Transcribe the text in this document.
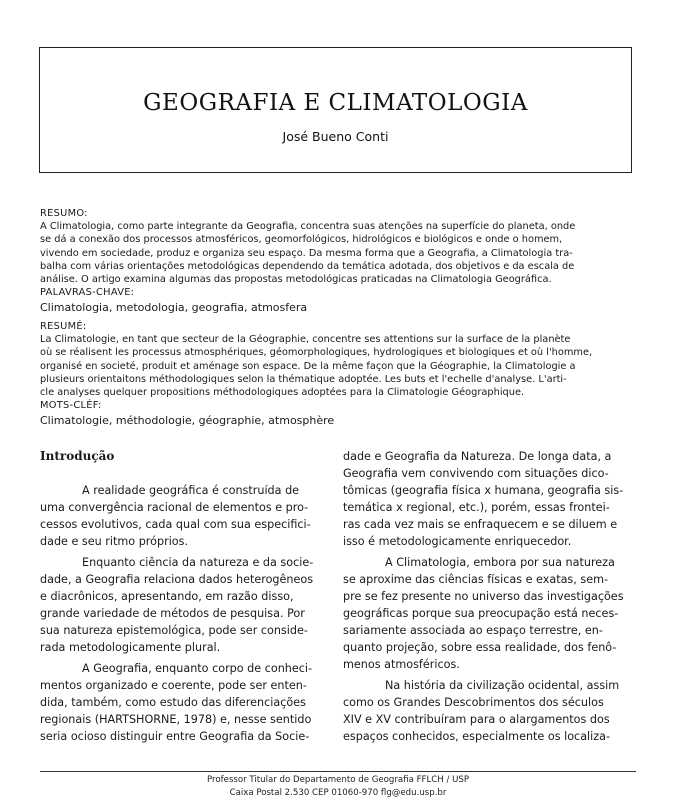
GEOGRAFIA E CLIMATOLOGIA
José Bueno Conti
RESUMO:
A Climatologia, como parte integrante da Geografia, concentra suas atenções na superfície do planeta, onde
se dá a conexão dos processos atmosféricos, geomorfológicos, hidrológicos e biológicos e onde o homem,
vivendo em sociedade, produz e organiza seu espaço. Da mesma forma que a Geografia, a Climatologia tra-
balha com várias orientações metodológicas dependendo da temática adotada, dos objetivos e da escala de
análise. O artigo examina algumas das propostas metodológicas praticadas na Climatologia Geográfica.
PALAVRAS-CHAVE:
Climatologia, metodologia, geografia, atmosfera
RESUMÉ:
La Climatologie, en tant que secteur de la Géographie, concentre ses attentions sur la surface de la planète
où se réalisent les processus atmosphériques, géomorphologiques, hydrologiques et biologiques et où l'homme,
organisé en societé, produit et aménage son espace. De la même façon que la Géographie, la Climatologie a
plusieurs orientaitons méthodologiques selon la thématique adoptée. Les buts et l'echelle d'analyse. L'arti-
cle analyses quelquer propositions méthodologiques adoptées para la Climatologie Géographique.
MOTS-CLÉF:
Climatologie, méthodologie, géographie, atmosphère
Introdução
A realidade geográfica é construída de
uma convergência racional de elementos e pro-
cessos evolutivos, cada qual com sua especifici-
dade e seu ritmo próprios.
Enquanto ciência da natureza e da socie-
dade, a Geografia relaciona dados heterogêneos
e diacrônicos, apresentando, em razão disso,
grande variedade de métodos de pesquisa. Por
sua natureza epistemológica, pode ser conside-
rada metodologicamente plural.
A Geografia, enquanto corpo de conheci-
mentos organizado e coerente, pode ser enten-
dida, também, como estudo das diferenciações
regionais (HARTSHORNE, 1978) e, nesse sentido
seria ocioso distinguir entre Geografia da Socie-
dade e Geografia da Natureza. De longa data, a
Geografia vem convivendo com situações dico-
tômicas (geografia física x humana, geografia sis-
temática x regional, etc.), porém, essas frontei-
ras cada vez mais se enfraquecem e se diluem e
isso é metodologicamente enriquecedor.
A Climatologia, embora por sua natureza
se aproxime das ciências físicas e exatas, sem-
pre se fez presente no universo das investigações
geográficas porque sua preocupação está neces-
sariamente associada ao espaço terrestre, en-
quanto projeção, sobre essa realidade, dos fenô-
menos atmosféricos.
Na história da civilização ocidental, assim
como os Grandes Descobrimentos dos séculos
XIV e XV contribuíram para o alargamentos dos
espaços conhecidos, especialmente os localiza-
Professor Titular do Departamento de Geografia FFLCH / USP
Caixa Postal 2.530 CEP 01060-970 flg@edu.usp.br
